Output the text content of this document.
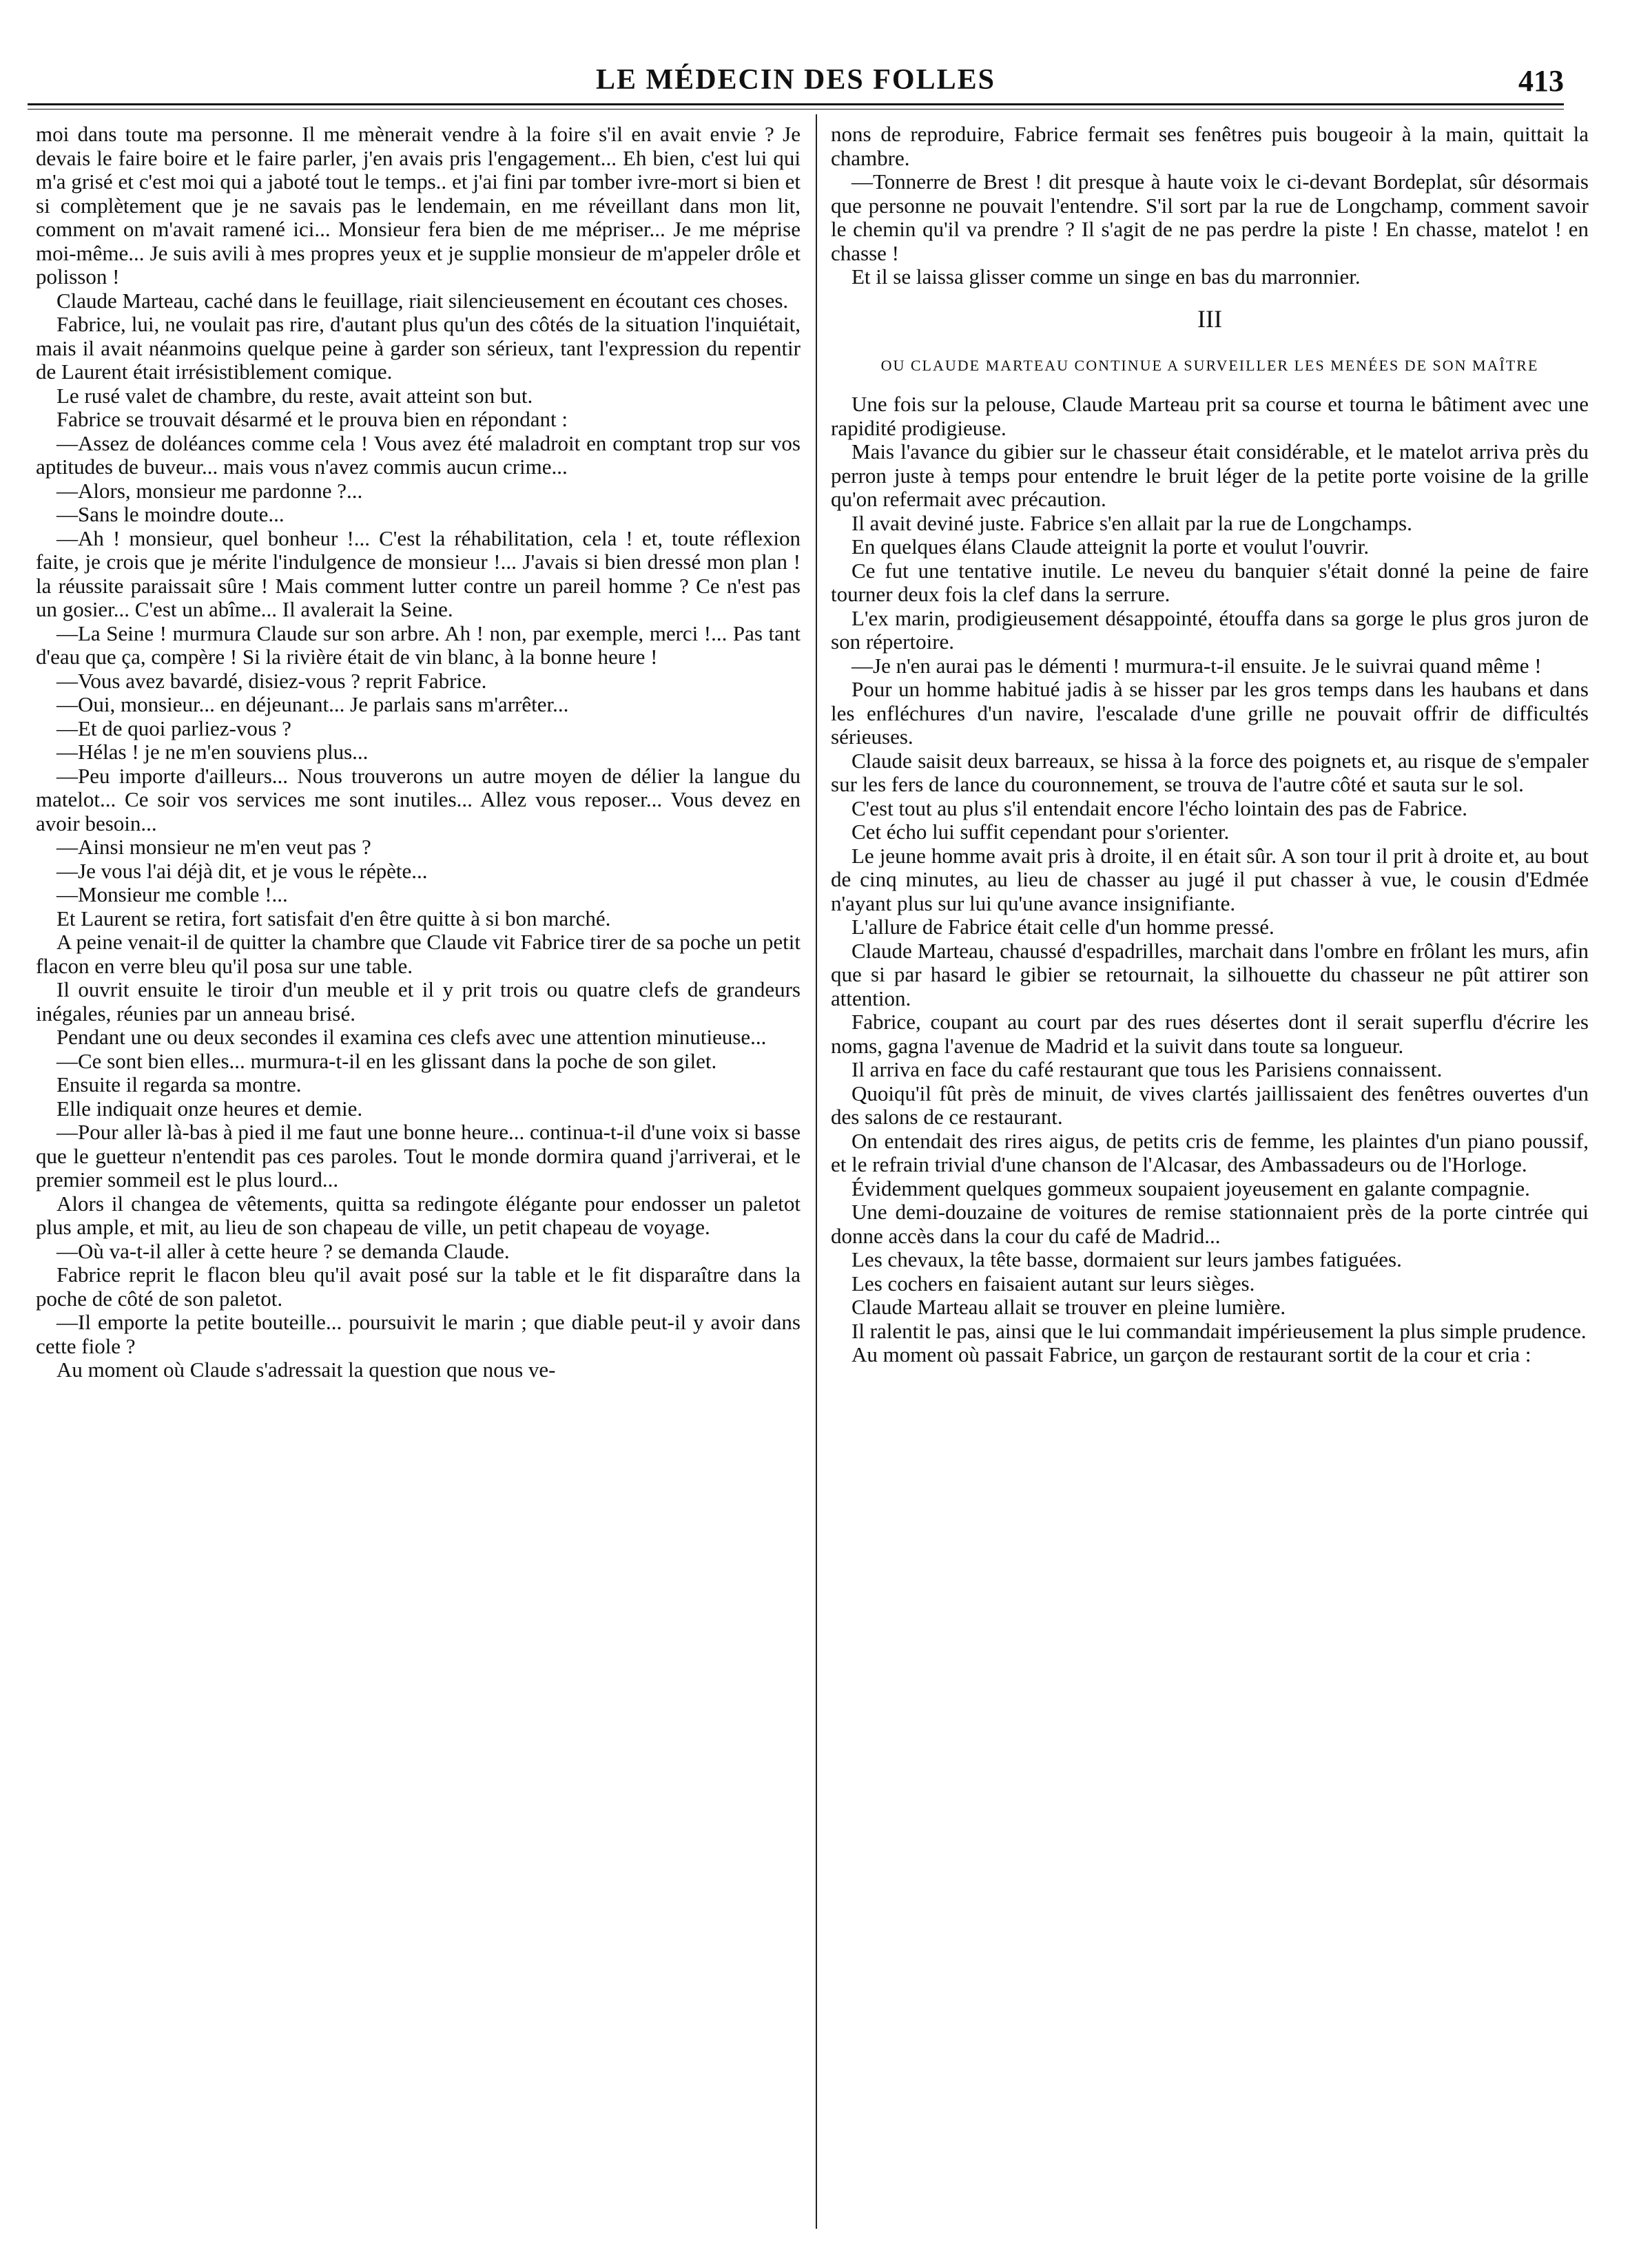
LE MÉDECIN DES FOLLES	413

moi dans toute ma personne. Il me mènerait vendre à la foire s'il en avait envie ? Je devais le faire boire et le faire parler, j'en avais pris l'engagement... Eh bien, c'est lui qui m'a grisé et c'est moi qui a jaboté tout le temps.. et j'ai fini par tomber ivre-mort si bien et si complètement que je ne savais pas le lendemain, en me réveillant dans mon lit, comment on m'avait ramené ici... Monsieur fera bien de me mépriser... Je me méprise moi-même... Je suis avili à mes propres yeux et je supplie monsieur de m'appeler drôle et polisson !

Claude Marteau, caché dans le feuillage, riait silencieusement en écoutant ces choses.

Fabrice, lui, ne voulait pas rire, d'autant plus qu'un des côtés de la situation l'inquiétait, mais il avait néanmoins quelque peine à garder son sérieux, tant l'expression du repentir de Laurent était irrésistiblement comique.

Le rusé valet de chambre, du reste, avait atteint son but.

Fabrice se trouvait désarmé et le prouva bien en répondant :

—Assez de doléances comme cela ! Vous avez été maladroit en comptant trop sur vos aptitudes de buveur... mais vous n'avez commis aucun crime...

—Alors, monsieur me pardonne ?...

—Sans le moindre doute...

—Ah ! monsieur, quel bonheur !... C'est la réhabilitation, cela ! et, toute réflexion faite, je crois que je mérite l'indulgence de monsieur !... J'avais si bien dressé mon plan ! la réussite paraissait sûre ! Mais comment lutter contre un pareil homme ? Ce n'est pas un gosier... C'est un abîme... Il avalerait la Seine.

—La Seine ! murmura Claude sur son arbre. Ah ! non, par exemple, merci !... Pas tant d'eau que ça, compère ! Si la rivière était de vin blanc, à la bonne heure !

—Vous avez bavardé, disiez-vous ? reprit Fabrice.

—Oui, monsieur... en déjeunant... Je parlais sans m'arrêter...

—Et de quoi parliez-vous ?

—Hélas ! je ne m'en souviens plus...

—Peu importe d'ailleurs... Nous trouverons un autre moyen de délier la langue du matelot... Ce soir vos services me sont inutiles... Allez vous reposer... Vous devez en avoir besoin...

—Ainsi monsieur ne m'en veut pas ?

—Je vous l'ai déjà dit, et je vous le répète...

—Monsieur me comble !...

Et Laurent se retira, fort satisfait d'en être quitte à si bon marché.

A peine venait-il de quitter la chambre que Claude vit Fabrice tirer de sa poche un petit flacon en verre bleu qu'il posa sur une table.

Il ouvrit ensuite le tiroir d'un meuble et il y prit trois ou quatre clefs de grandeurs inégales, réunies par un anneau brisé.

Pendant une ou deux secondes il examina ces clefs avec une attention minutieuse...

—Ce sont bien elles... murmura-t-il en les glissant dans la poche de son gilet.

Ensuite il regarda sa montre.

Elle indiquait onze heures et demie.

—Pour aller là-bas à pied il me faut une bonne heure... continua-t-il d'une voix si basse que le guetteur n'entendit pas ces paroles. Tout le monde dormira quand j'arriverai, et le premier sommeil est le plus lourd...

Alors il changea de vêtements, quitta sa redingote élégante pour endosser un paletot plus ample, et mit, au lieu de son chapeau de ville, un petit chapeau de voyage.

—Où va-t-il aller à cette heure ? se demanda Claude.

Fabrice reprit le flacon bleu qu'il avait posé sur la table et le fit disparaître dans la poche de côté de son paletot.

—Il emporte la petite bouteille... poursuivit le marin ; que diable peut-il y avoir dans cette fiole ?

Au moment où Claude s'adressait la question que nous ve-

nons de reproduire, Fabrice fermait ses fenêtres puis bougeoir à la main, quittait la chambre.

—Tonnerre de Brest ! dit presque à haute voix le ci-devant Bordeplat, sûr désormais que personne ne pouvait l'entendre. S'il sort par la rue de Longchamp, comment savoir le chemin qu'il va prendre ? Il s'agit de ne pas perdre la piste ! En chasse, matelot ! en chasse !

Et il se laissa glisser comme un singe en bas du marronnier.

III

OU CLAUDE MARTEAU CONTINUE A SURVEILLER LES MENÉES DE SON MAÎTRE

Une fois sur la pelouse, Claude Marteau prit sa course et tourna le bâtiment avec une rapidité prodigieuse.

Mais l'avance du gibier sur le chasseur était considérable, et le matelot arriva près du perron juste à temps pour entendre le bruit léger de la petite porte voisine de la grille qu'on refermait avec précaution.

Il avait deviné juste. Fabrice s'en allait par la rue de Longchamps.

En quelques élans Claude atteignit la porte et voulut l'ouvrir.

Ce fut une tentative inutile. Le neveu du banquier s'était donné la peine de faire tourner deux fois la clef dans la serrure.

L'ex marin, prodigieusement désappointé, étouffa dans sa gorge le plus gros juron de son répertoire.

—Je n'en aurai pas le démenti ! murmura-t-il ensuite. Je le suivrai quand même !

Pour un homme habitué jadis à se hisser par les gros temps dans les haubans et dans les enfléchures d'un navire, l'escalade d'une grille ne pouvait offrir de difficultés sérieuses.

Claude saisit deux barreaux, se hissa à la force des poignets et, au risque de s'empaler sur les fers de lance du couronnement, se trouva de l'autre côté et sauta sur le sol.

C'est tout au plus s'il entendait encore l'écho lointain des pas de Fabrice.

Cet écho lui suffit cependant pour s'orienter.

Le jeune homme avait pris à droite, il en était sûr. A son tour il prit à droite et, au bout de cinq minutes, au lieu de chasser au jugé il put chasser à vue, le cousin d'Edmée n'ayant plus sur lui qu'une avance insignifiante.

L'allure de Fabrice était celle d'un homme pressé.

Claude Marteau, chaussé d'espadrilles, marchait dans l'ombre en frôlant les murs, afin que si par hasard le gibier se retournait, la silhouette du chasseur ne pût attirer son attention.

Fabrice, coupant au court par des rues désertes dont il serait superflu d'écrire les noms, gagna l'avenue de Madrid et la suivit dans toute sa longueur.

Il arriva en face du café restaurant que tous les Parisiens connaissent.

Quoiqu'il fût près de minuit, de vives clartés jaillissaient des fenêtres ouvertes d'un des salons de ce restaurant.

On entendait des rires aigus, de petits cris de femme, les plaintes d'un piano poussif, et le refrain trivial d'une chanson de l'Alcasar, des Ambassadeurs ou de l'Horloge.

Évidemment quelques gommeux soupaient joyeusement en galante compagnie.

Une demi-douzaine de voitures de remise stationnaient près de la porte cintrée qui donne accès dans la cour du café de Madrid...

Les chevaux, la tête basse, dormaient sur leurs jambes fatiguées.

Les cochers en faisaient autant sur leurs sièges.

Claude Marteau allait se trouver en pleine lumière.

Il ralentit le pas, ainsi que le lui commandait impérieusement la plus simple prudence.

Au moment où passait Fabrice, un garçon de restaurant sortit de la cour et cria :
